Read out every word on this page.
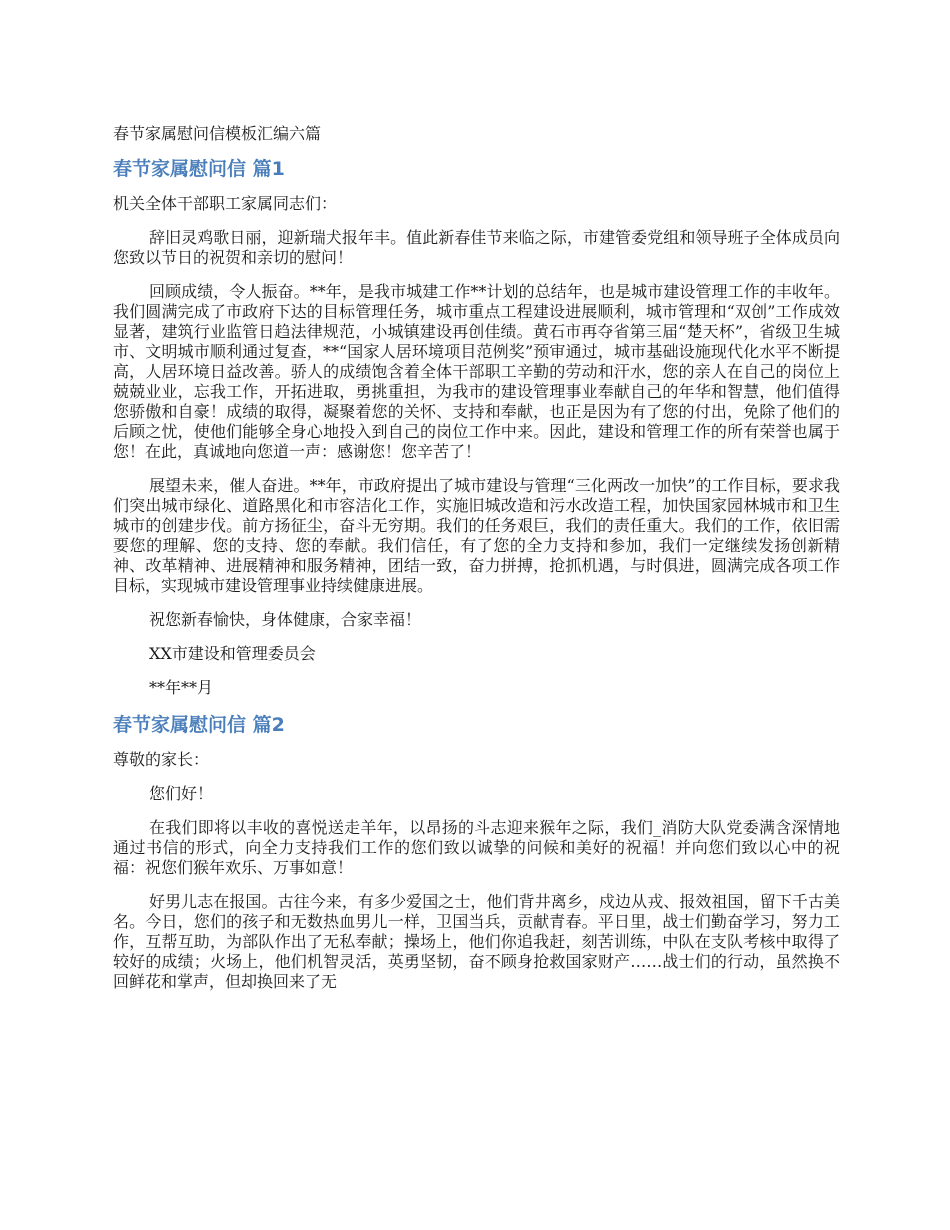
春节家属慰问信模板汇编六篇
春节家属慰问信 篇1
机关全体干部职工家属同志们：
辞旧灵鸡歌日丽，迎新瑞犬报年丰。值此新春佳节来临之际，市建管委党组和领导班子全体成员向您致以节日的祝贺和亲切的慰问！
回顾成绩，令人振奋。**年，是我市城建工作**计划的总结年，也是城市建设管理工作的丰收年。我们圆满完成了市政府下达的目标管理任务，城市重点工程建设进展顺利，城市管理和“双创”工作成效显著，建筑行业监管日趋法律规范，小城镇建设再创佳绩。黄石市再夺省第三届“楚天杯”，省级卫生城市、文明城市顺利通过复查，**“国家人居环境项目范例奖”预审通过，城市基础设施现代化水平不断提高，人居环境日益改善。骄人的成绩饱含着全体干部职工辛勤的劳动和汗水，您的亲人在自己的岗位上兢兢业业，忘我工作，开拓进取，勇挑重担，为我市的建设管理事业奉献自己的年华和智慧，他们值得您骄傲和自豪！成绩的取得，凝聚着您的关怀、支持和奉献，也正是因为有了您的付出，免除了他们的后顾之忧，使他们能够全身心地投入到自己的岗位工作中来。因此，建设和管理工作的所有荣誉也属于您！在此，真诚地向您道一声：感谢您！您辛苦了！
展望未来，催人奋进。**年，市政府提出了城市建设与管理“三化两改一加快”的工作目标，要求我们突出城市绿化、道路黑化和市容洁化工作，实施旧城改造和污水改造工程，加快国家园林城市和卫生城市的创建步伐。前方扬征尘，奋斗无穷期。我们的任务艰巨，我们的责任重大。我们的工作，依旧需要您的理解、您的支持、您的奉献。我们信任，有了您的全力支持和参加，我们一定继续发扬创新精神、改革精神、进展精神和服务精神，团结一致，奋力拼搏，抢抓机遇，与时俱进，圆满完成各项工作目标，实现城市建设管理事业持续健康进展。
祝您新春愉快，身体健康，合家幸福！
XX市建设和管理委员会
**年**月
春节家属慰问信 篇2
尊敬的家长：
您们好！
在我们即将以丰收的喜悦送走羊年，以昂扬的斗志迎来猴年之际，我们_消防大队党委满含深情地通过书信的形式，向全力支持我们工作的您们致以诚挚的问候和美好的祝福！并向您们致以心中的祝福：祝您们猴年欢乐、万事如意！
好男儿志在报国。古往今来，有多少爱国之士，他们背井离乡，戍边从戎、报效祖国，留下千古美名。今日，您们的孩子和无数热血男儿一样，卫国当兵，贡献青春。平日里，战士们勤奋学习，努力工作，互帮互助，为部队作出了无私奉献；操场上，他们你追我赶，刻苦训练，中队在支队考核中取得了较好的成绩；火场上，他们机智灵活，英勇坚韧，奋不顾身抢救国家财产……战士们的行动，虽然换不回鲜花和掌声，但却换回来了无
